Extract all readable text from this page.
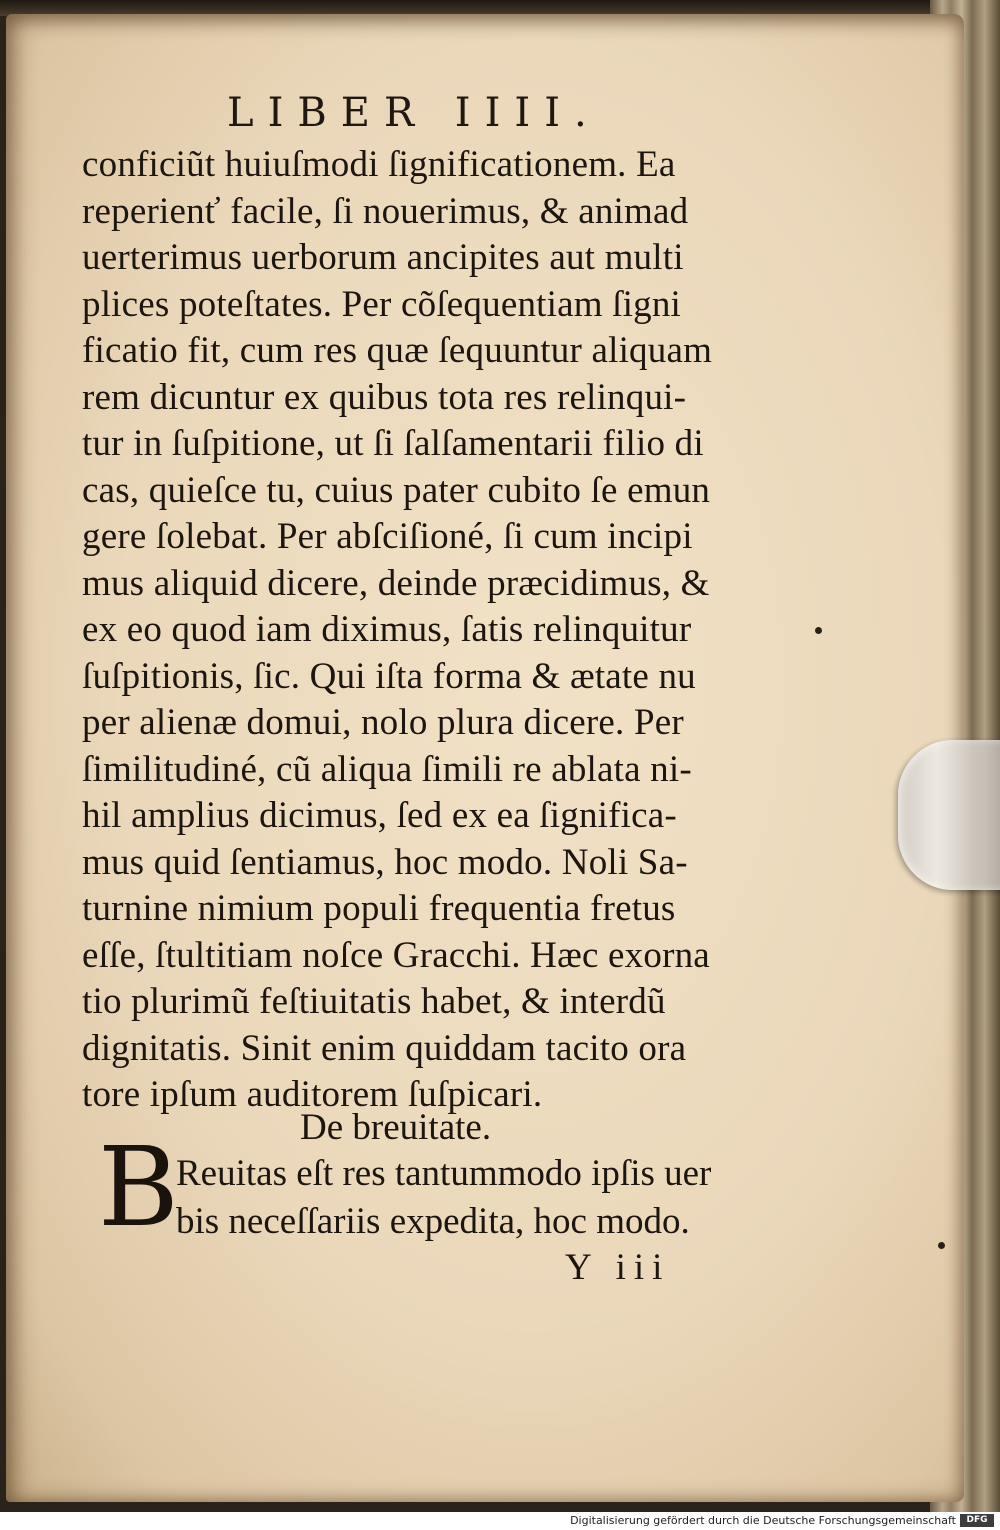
LIBER IIII.
conficiũt huiuſmodi ſignificationem. Ea
reperienť facile, ſi nouerimus, & animad
uerterimus uerborum ancipites aut multi
plices poteſtates. Per cõſequentiam ſigni
ficatio fit, cum res quæ ſequuntur aliquam
rem dicuntur ex quibus tota res relinqui-
tur in ſuſpitione, ut ſi ſalſamentarii filio di
cas, quieſce tu, cuius pater cubito ſe emun
gere ſolebat. Per abſciſioné, ſi cum incipi
mus aliquid dicere, deinde præcidimus, &
ex eo quod iam diximus, ſatis relinquitur
ſuſpitionis, ſic. Qui iſta forma & ætate nu
per alienæ domui, nolo plura dicere. Per
ſimilitudiné, cũ aliqua ſimili re ablata ni-
hil amplius dicimus, ſed ex ea ſignifica-
mus quid ſentiamus, hoc modo. Noli Sa-
turnine nimium populi frequentia fretus
eſſe, ſtultitiam noſce Gracchi. Hæc exorna
tio plurimũ feſtiuitatis habet, & interdũ
dignitatis. Sinit enim quiddam tacito ora
tore ipſum auditorem ſuſpicari.
De breuitate.
B
Reuitas eſt res tantummodo ipſis uer
bis neceſſariis expedita, hoc modo.
Y iii
Digitalisierung gefördert durch die Deutsche Forschungsgemeinschaft	DFG
